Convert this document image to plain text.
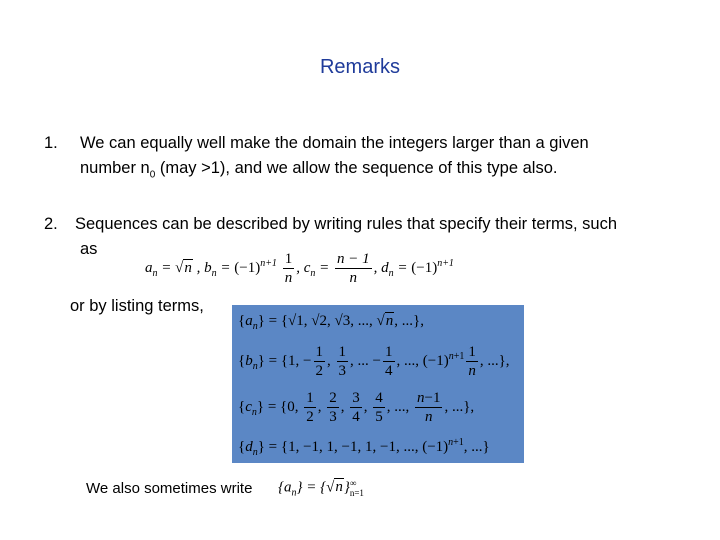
Remarks
1. We can equally well make the domain the integers larger than a given
number $n_0$ (may >1), and we allow the sequence of this type also.
2. Sequences can be described by writing rules that specify their terms, such
as
$a_n = √n$ , $b_n = (-1)^{n+1} \frac{1}{n}$ , $c_n = \frac{n - 1}{n}$ , $d_n = (-1)^{n+1}$
or by listing terms,
$\{a_n\} = \{√1$, √2, √3, ..., √n, ...},
$\{b_n\} = \{1$, − $\frac{1}{2}$ , $\frac{1}{3}$ , ... − $\frac{1}{4}$ , ..., $(-1)^{n+1} \frac{1}{n}$ , ...},
$\{c_n\} = \{0$, $\frac{1}{2}$ , $\frac{2}{3}$ , $\frac{3}{4}$ , $\frac{4}{5}$ , ..., $\frac{n-1}{n}$ , ...},
$\{d_n\} = \{1$, −1, 1, −1, 1, −1, ..., $(-1)^{n+1}$, ...}
We also sometimes write $\{a_n\} = \{√n\}$ ∞
n=1
